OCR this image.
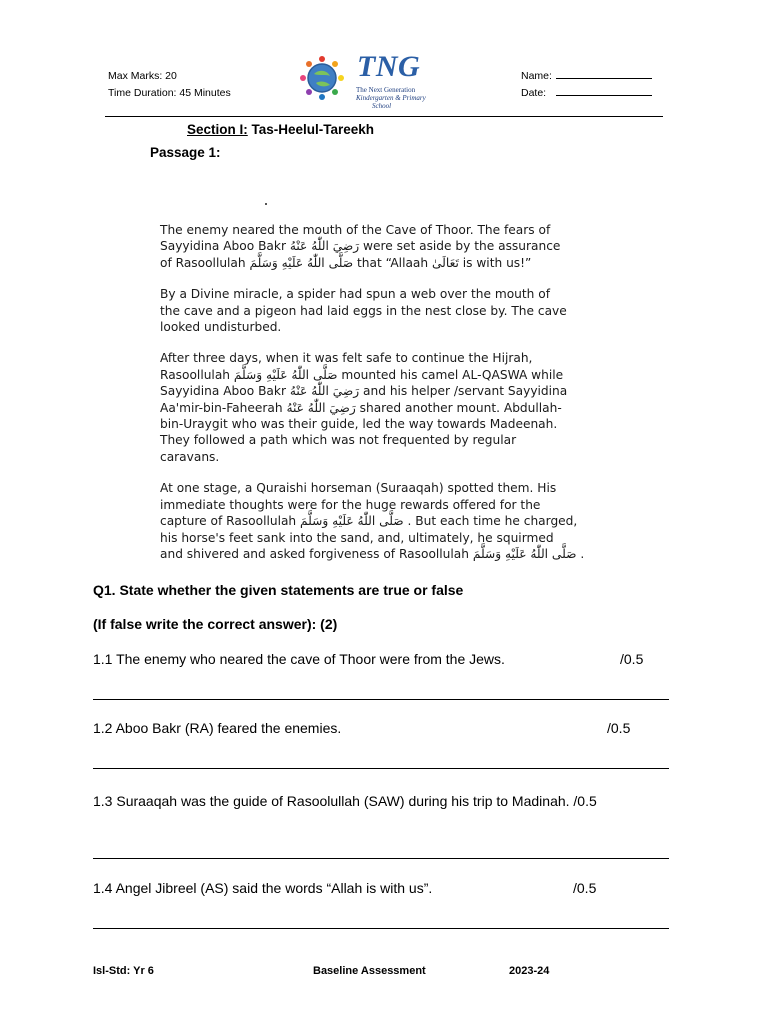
Max Marks: 20
Time Duration: 45 Minutes
TNG
The Next Generation
Kindergarten & Primary
School
Name:
Date:
Section I: Tas-Heelul-Tareekh
Passage 1:

The enemy neared the mouth of the Cave of Thoor. The fears of
Sayyidina Aboo Bakr رَضِيَ اللّٰهُ عَنْهُ were set aside by the assurance
of Rasoollulah صَلَّى اللّٰهُ عَلَيْهِ وَسَلَّمَ that “Allaah تَعَالَىٰ is with us!”

By a Divine miracle, a spider had spun a web over the mouth of
the cave and a pigeon had laid eggs in the nest close by. The cave
looked undisturbed.

After three days, when it was felt safe to continue the Hijrah,
Rasoollulah صَلَّى اللّٰهُ عَلَيْهِ وَسَلَّمَ mounted his camel AL-QASWA while
Sayyidina Aboo Bakr رَضِيَ اللّٰهُ عَنْهُ and his helper /servant Sayyidina
Aa'mir-bin-Faheerah رَضِيَ اللّٰهُ عَنْهُ shared another mount. Abdullah-
bin-Uraygit who was their guide, led the way towards Madeenah.
They followed a path which was not frequented by regular
caravans.

At one stage, a Quraishi horseman (Suraaqah) spotted them. His
immediate thoughts were for the huge rewards offered for the
capture of Rasoollulah صَلَّى اللّٰهُ عَلَيْهِ وَسَلَّمَ . But each time he charged,
his horse's feet sank into the sand, and, ultimately, he squirmed
and shivered and asked forgiveness of Rasoollulah صَلَّى اللّٰهُ عَلَيْهِ وَسَلَّمَ .

Q1. State whether the given statements are true or false
(If false write the correct answer): (2)
1.1 The enemy who neared the cave of Thoor were from the Jews.	/0.5
1.2 Aboo Bakr (RA) feared the enemies.	/0.5
1.3 Suraaqah was the guide of Rasoolullah (SAW) during his trip to Madinah. /0.5
1.4 Angel Jibreel (AS) said the words “Allah is with us”.	/0.5
Isl-Std: Yr 6	Baseline Assessment	2023-24
